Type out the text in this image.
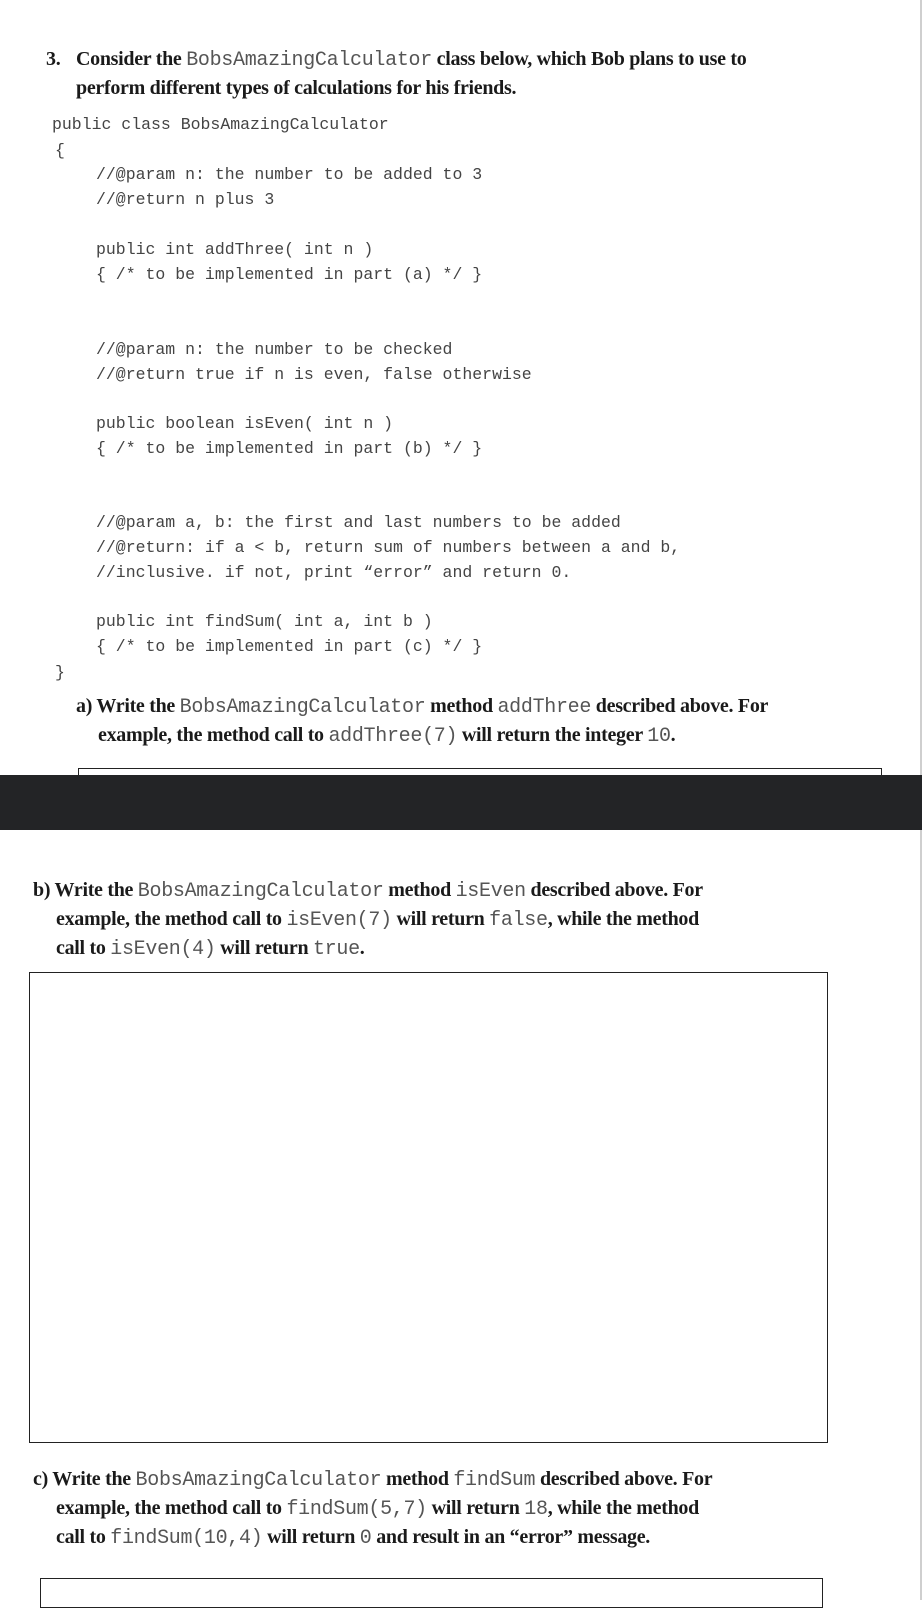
3. Consider the BobsAmazingCalculator class below, which Bob plans to use to
perform different types of calculations for his friends.
public class BobsAmazingCalculator
{
//@param n: the number to be added to 3
//@return n plus 3
public int addThree( int n )
{ /* to be implemented in part (a) */ }
//@param n: the number to be checked
//@return true if n is even, false otherwise
public boolean isEven( int n )
{ /* to be implemented in part (b) */ }
//@param a, b: the first and last numbers to be added
//@return: if a < b, return sum of numbers between a and b,
//inclusive. if not, print “error” and return 0.
public int findSum( int a, int b )
{ /* to be implemented in part (c) */ }
}
a) Write the BobsAmazingCalculator method addThree described above. For
example, the method call to addThree(7) will return the integer 10.
b) Write the BobsAmazingCalculator method isEven described above. For
example, the method call to isEven(7) will return false, while the method
call to isEven(4) will return true.
c) Write the BobsAmazingCalculator method findSum described above. For
example, the method call to findSum(5,7) will return 18, while the method
call to findSum(10,4) will return 0 and result in an “error” message.
